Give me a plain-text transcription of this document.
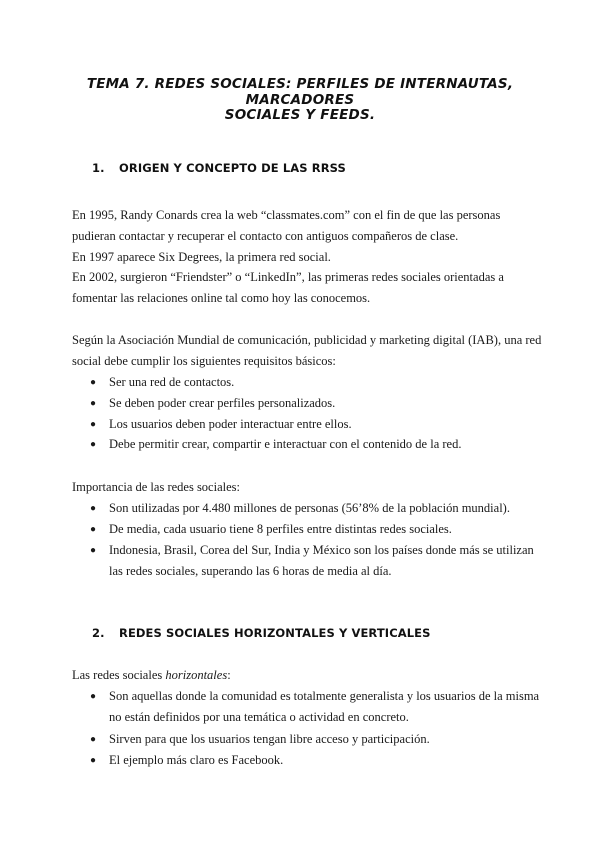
TEMA 7. REDES SOCIALES: PERFILES DE INTERNAUTAS, MARCADORES
SOCIALES Y FEEDS.
1. ORIGEN Y CONCEPTO DE LAS RRSS
En 1995, Randy Conards crea la web “classmates.com” con el fin de que las personas
pudieran contactar y recuperar el contacto con antiguos compañeros de clase.
En 1997 aparece Six Degrees, la primera red social.
En 2002, surgieron “Friendster” o “LinkedIn”, las primeras redes sociales orientadas a
fomentar las relaciones online tal como hoy las conocemos.
Según la Asociación Mundial de comunicación, publicidad y marketing digital (IAB), una red
social debe cumplir los siguientes requisitos básicos:
● Ser una red de contactos.
● Se deben poder crear perfiles personalizados.
● Los usuarios deben poder interactuar entre ellos.
● Debe permitir crear, compartir e interactuar con el contenido de la red.
Importancia de las redes sociales:
● Son utilizadas por 4.480 millones de personas (56’8% de la población mundial).
● De media, cada usuario tiene 8 perfiles entre distintas redes sociales.
● Indonesia, Brasil, Corea del Sur, India y México son los países donde más se utilizan
las redes sociales, superando las 6 horas de media al día.
2. REDES SOCIALES HORIZONTALES Y VERTICALES
Las redes sociales horizontales:
● Son aquellas donde la comunidad es totalmente generalista y los usuarios de la misma
no están definidos por una temática o actividad en concreto.
● Sirven para que los usuarios tengan libre acceso y participación.
● El ejemplo más claro es Facebook.
